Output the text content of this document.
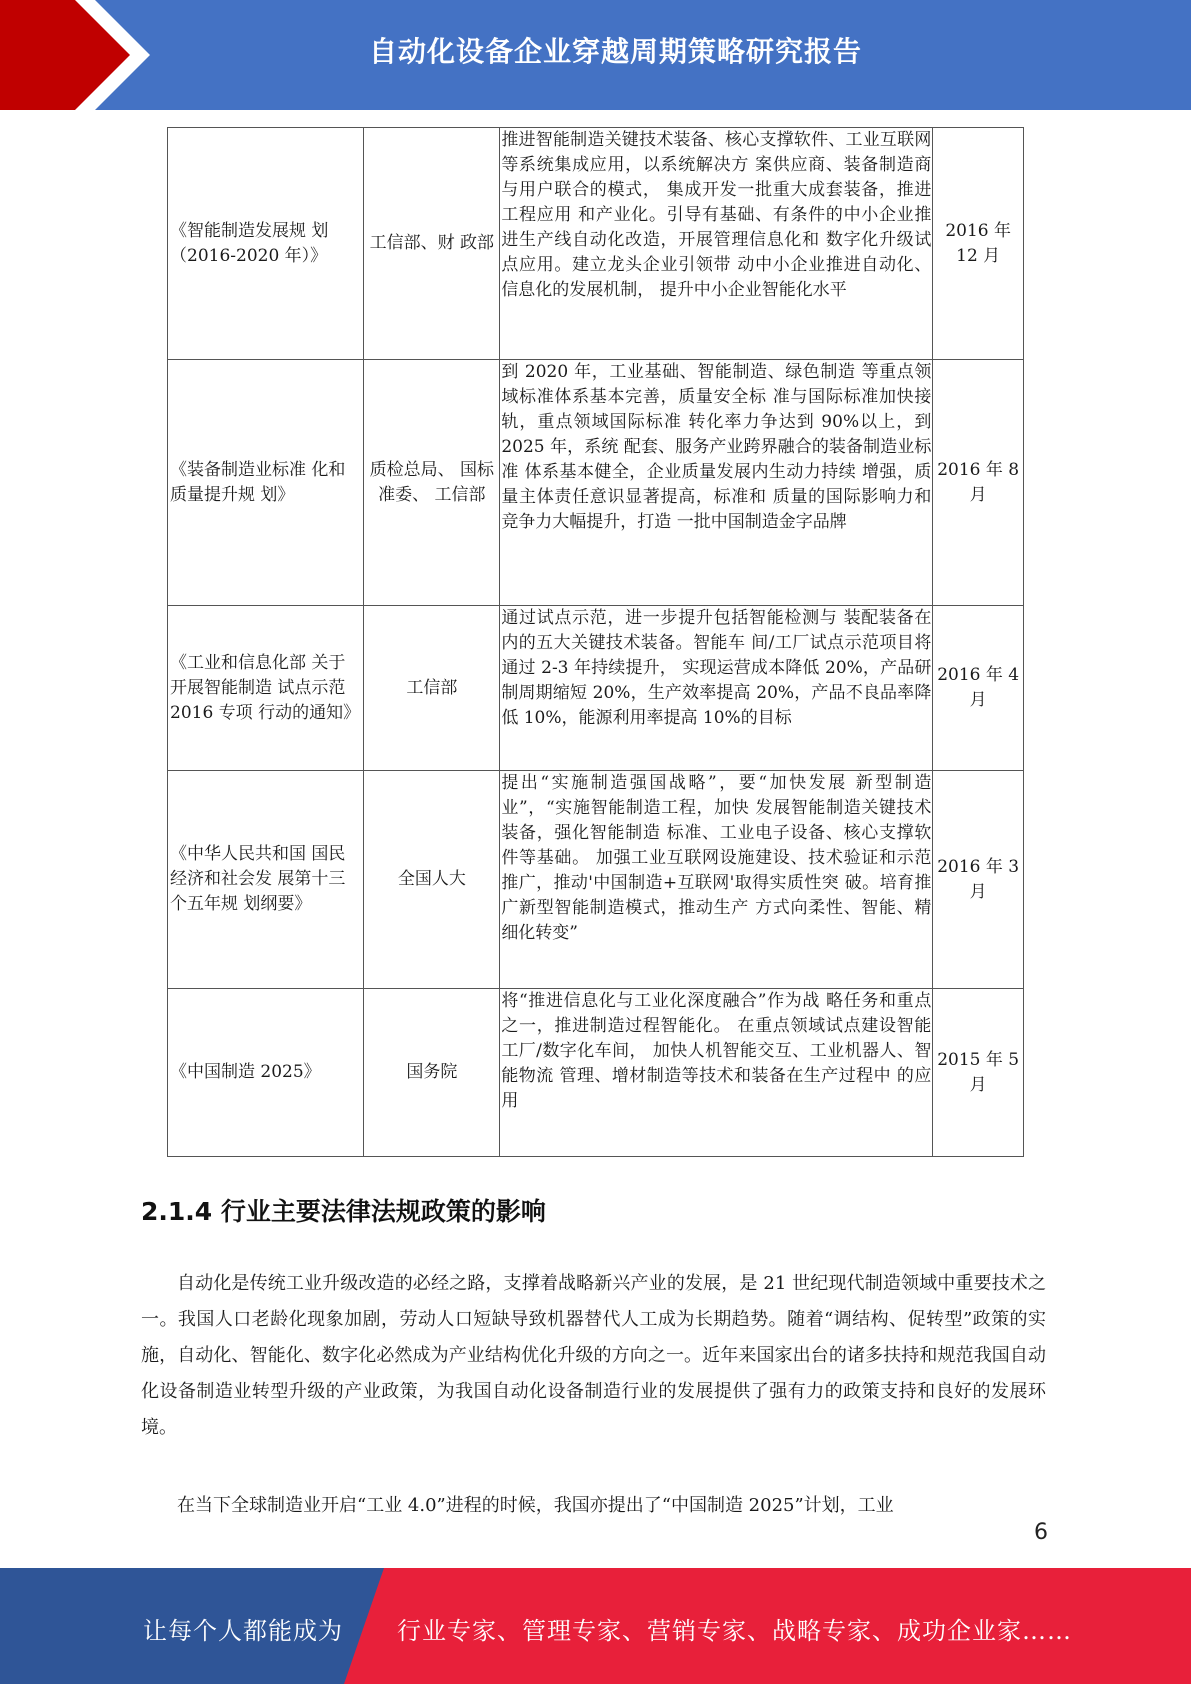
自动化设备企业穿越周期策略研究报告
《智能制造发展规 划（2016-2020 年）》	工信部、财 政部	推进智能制造关键技术装备、核心支撑软件、工业互联网等系统集成应用，以系统解决方 案供应商、装备制造商与用户联合的模式， 集成开发一批重大成套装备，推进工程应用 和产业化。引导有基础、有条件的中小企业推进生产线自动化改造，开展管理信息化和 数字化升级试点应用。建立龙头企业引领带 动中小企业推进自动化、信息化的发展机制， 提升中小企业智能化水平	2016 年 12 月
《装备制造业标准 化和质量提升规 划》	质检总局、 国标准委、 工信部	到 2020 年，工业基础、智能制造、绿色制造 等重点领域标准体系基本完善，质量安全标 准与国际标准加快接轨，重点领域国际标准 转化率力争达到 90%以上，到 2025 年，系统 配套、服务产业跨界融合的装备制造业标准 体系基本健全，企业质量发展内生动力持续 增强，质量主体责任意识显著提高，标准和 质量的国际影响力和竞争力大幅提升，打造 一批中国制造金字品牌	2016 年 8 月
《工业和信息化部 关于开展智能制造 试点示范 2016 专项 行动的通知》	工信部	通过试点示范，进一步提升包括智能检测与 装配装备在内的五大关键技术装备。智能车 间/工厂试点示范项目将通过 2-3 年持续提升， 实现运营成本降低 20%，产品研制周期缩短 20%，生产效率提高 20%，产品不良品率降低 10%，能源利用率提高 10%的目标	2016 年 4 月
《中华人民共和国 国民经济和社会发 展第十三个五年规 划纲要》	全国人大	提出“实施制造强国战略”，要“加快发展 新型制造业”，“实施智能制造工程，加快 发展智能制造关键技术装备，强化智能制造 标准、工业电子设备、核心支撑软件等基础。 加强工业互联网设施建设、技术验证和示范 推广，推动'中国制造+互联网'取得实质性突 破。培育推广新型智能制造模式，推动生产 方式向柔性、智能、精细化转变”	2016 年 3 月
《中国制造 2025》	国务院	将“推进信息化与工业化深度融合”作为战 略任务和重点之一，推进制造过程智能化。 在重点领域试点建设智能工厂/数字化车间， 加快人机智能交互、工业机器人、智能物流 管理、增材制造等技术和装备在生产过程中 的应用	2015 年 5 月
2.1.4 行业主要法律法规政策的影响

自动化是传统工业升级改造的必经之路，支撑着战略新兴产业的发展，是 21 世纪现代制造领域中重要技术之一。我国人口老龄化现象加剧，劳动人口短缺导致机器替代人工成为长期趋势。随着“调结构、促转型”政策的实施，自动化、智能化、数字化必然成为产业结构优化升级的方向之一。近年来国家出台的诸多扶持和规范我国自动化设备制造业转型升级的产业政策，为我国自动化设备制造行业的发展提供了强有力的政策支持和良好的发展环境。

在当下全球制造业开启“工业 4.0”进程的时候，我国亦提出了“中国制造 2025”计划，工业

6
让每个人都能成为 行业专家、管理专家、营销专家、战略专家、成功企业家……
